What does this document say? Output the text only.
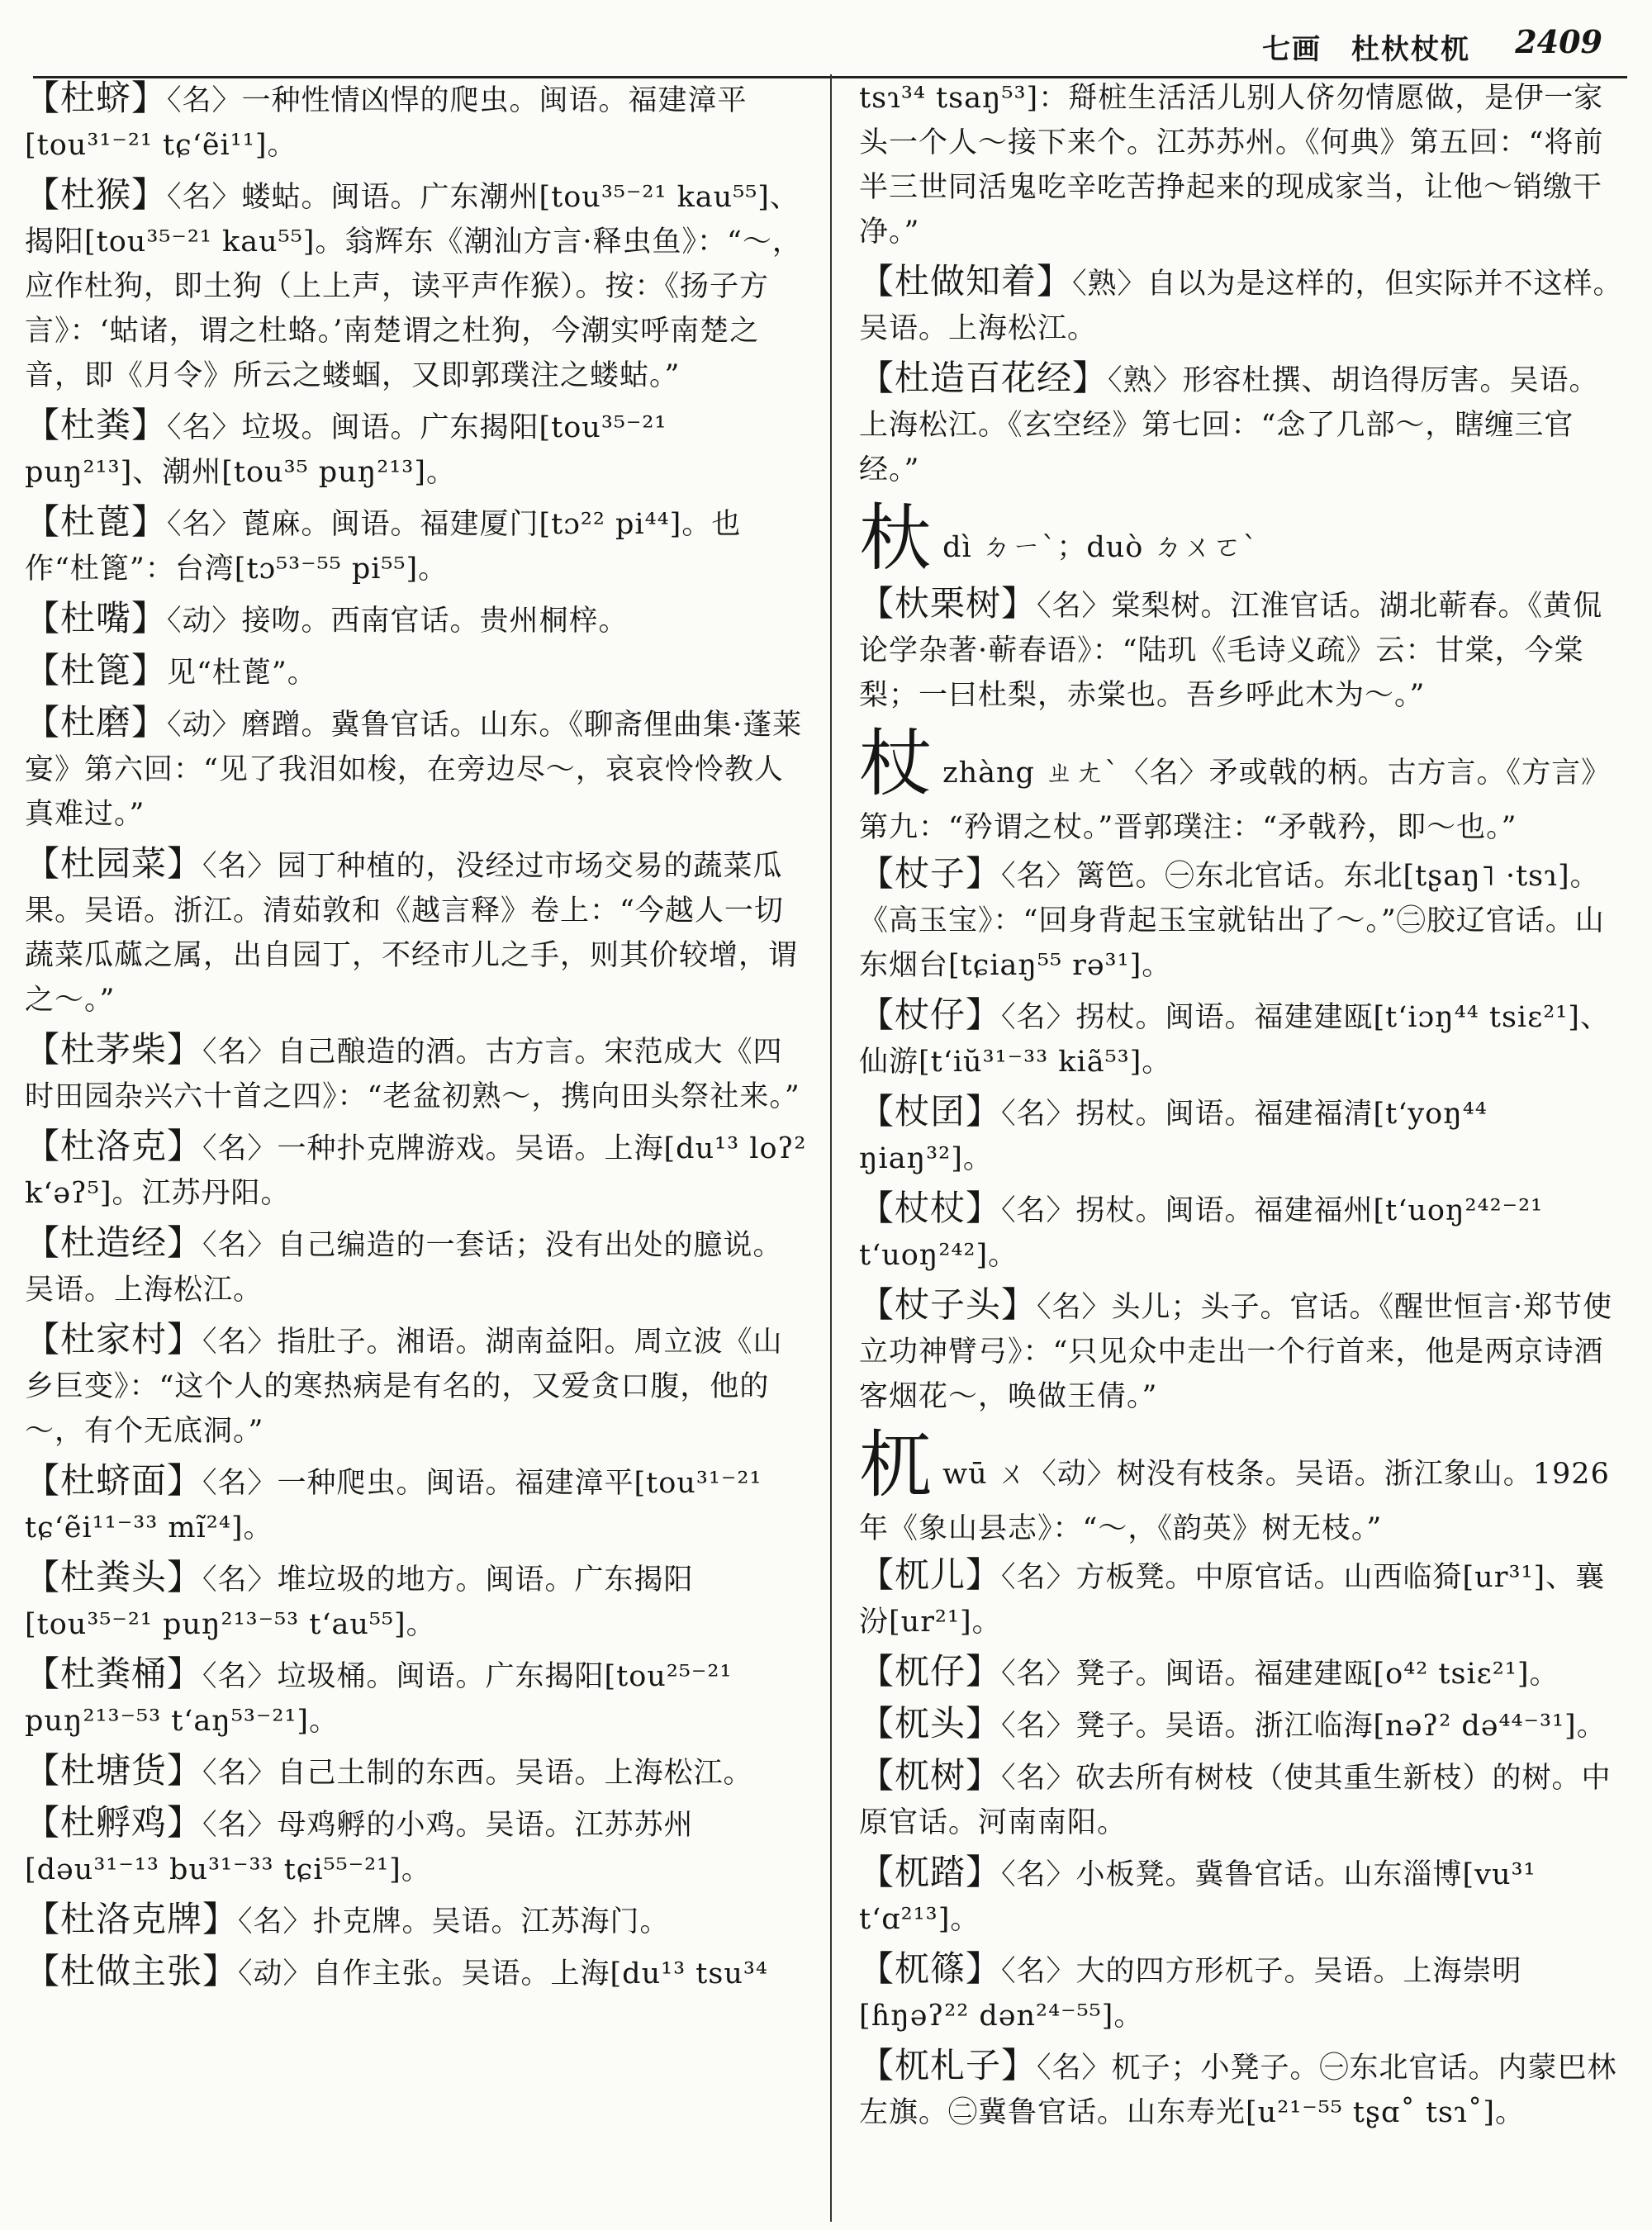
七画　杜杕杖杌 2409
【杜蛴】〈名〉一种性情凶悍的爬虫。闽语。福建漳平[tou³¹⁻²¹ tɕʻẽi¹¹]。
【杜猴】〈名〉蝼蛄。闽语。广东潮州[tou³⁵⁻²¹ kau⁵⁵]、揭阳[tou³⁵⁻²¹ kau⁵⁵]。翁辉东《潮汕方言·释虫鱼》：“～，应作杜狗，即土狗（上上声，读平声作猴）。按：《扬子方言》：‘蛄诸，谓之杜蛒。’南楚谓之杜狗，今潮实呼南楚之音，即《月令》所云之蝼蝈，又即郭璞注之蝼蛄。”
【杜粪】〈名〉垃圾。闽语。广东揭阳[tou³⁵⁻²¹ puŋ²¹³]、潮州[tou³⁵ puŋ²¹³]。
【杜蓖】〈名〉蓖麻。闽语。福建厦门[tɔ²² pi⁴⁴]。也作“杜篦”：台湾[tɔ⁵³⁻⁵⁵ pi⁵⁵]。
【杜嘴】〈动〉接吻。西南官话。贵州桐梓。
【杜篦】见“杜蓖”。
【杜磨】〈动〉磨蹭。冀鲁官话。山东。《聊斋俚曲集·蓬莱宴》第六回：“见了我泪如梭，在旁边尽～，哀哀怜怜教人真难过。”
【杜园菜】〈名〉园丁种植的，没经过市场交易的蔬菜瓜果。吴语。浙江。清茹敦和《越言释》卷上：“今越人一切蔬菜瓜蓏之属，出自园丁，不经市儿之手，则其价较增，谓之～。”
【杜茅柴】〈名〉自己酿造的酒。古方言。宋范成大《四时田园杂兴六十首之四》：“老盆初熟～，携向田头祭社来。”
【杜洛克】〈名〉一种扑克牌游戏。吴语。上海[du¹³ loʔ² kʻəʔ⁵]。江苏丹阳。
【杜造经】〈名〉自己编造的一套话；没有出处的臆说。吴语。上海松江。
【杜家村】〈名〉指肚子。湘语。湖南益阳。周立波《山乡巨变》：“这个人的寒热病是有名的，又爱贪口腹，他的～，有个无底洞。”
【杜蛴面】〈名〉一种爬虫。闽语。福建漳平[tou³¹⁻²¹ tɕʻẽi¹¹⁻³³ mĩ²⁴]。
【杜粪头】〈名〉堆垃圾的地方。闽语。广东揭阳[tou³⁵⁻²¹ puŋ²¹³⁻⁵³ tʻau⁵⁵]。
【杜粪桶】〈名〉垃圾桶。闽语。广东揭阳[tou²⁵⁻²¹ puŋ²¹³⁻⁵³ tʻaŋ⁵³⁻²¹]。
【杜塘货】〈名〉自己土制的东西。吴语。上海松江。
【杜孵鸡】〈名〉母鸡孵的小鸡。吴语。江苏苏州[dəu³¹⁻¹³ bu³¹⁻³³ tɕi⁵⁵⁻²¹]。
【杜洛克牌】〈名〉扑克牌。吴语。江苏海门。
【杜做主张】〈动〉自作主张。吴语。上海[du¹³ tsu³⁴
tsɿ³⁴ tsaŋ⁵³]：搿桩生活活儿别人侪勿情愿做，是伊一家头一个人～接下来个。江苏苏州。《何典》第五回：“将前半三世同活鬼吃辛吃苦挣起来的现成家当，让他～销缴干净。”
【杜做知着】〈熟〉自以为是这样的，但实际并不这样。吴语。上海松江。
【杜造百花经】〈熟〉形容杜撰、胡诌得厉害。吴语。上海松江。《玄空经》第七回：“念了几部～，瞎缠三官经。”
杕 dì ㄉㄧˋ；duò ㄉㄨㄛˋ
【杕栗树】〈名〉棠梨树。江淮官话。湖北蕲春。《黄侃论学杂著·蕲春语》：“陆玑《毛诗义疏》云：甘棠，今棠梨；一曰杜梨，赤棠也。吾乡呼此木为～。”
杖 zhàng ㄓㄤˋ〈名〉矛或戟的柄。古方言。《方言》第九：“矜谓之杖。”晋郭璞注：“矛戟矜，即～也。”
【杖子】〈名〉篱笆。㊀东北官话。东北[tʂaŋ˥ ·tsɿ]。《高玉宝》：“回身背起玉宝就钻出了～。”㊁胶辽官话。山东烟台[tɕiaŋ⁵⁵ rə³¹]。
【杖仔】〈名〉拐杖。闽语。福建建瓯[tʻiɔŋ⁴⁴ tsiɛ²¹]、仙游[tʻiŭ³¹⁻³³ kiã⁵³]。
【杖囝】〈名〉拐杖。闽语。福建福清[tʻyoŋ⁴⁴ ŋiaŋ³²]。
【杖杖】〈名〉拐杖。闽语。福建福州[tʻuoŋ²⁴²⁻²¹ tʻuoŋ²⁴²]。
【杖子头】〈名〉头儿；头子。官话。《醒世恒言·郑节使立功神臂弓》：“只见众中走出一个行首来，他是两京诗酒客烟花～，唤做王倩。”
杌 wū ㄨ〈动〉树没有枝条。吴语。浙江象山。1926年《象山县志》：“～，《韵英》树无枝。”
【杌儿】〈名〉方板凳。中原官话。山西临猗[ur³¹]、襄汾[ur²¹]。
【杌仔】〈名〉凳子。闽语。福建建瓯[o⁴² tsiɛ²¹]。
【杌头】〈名〉凳子。吴语。浙江临海[nəʔ² də⁴⁴⁻³¹]。
【杌树】〈名〉砍去所有树枝（使其重生新枝）的树。中原官话。河南南阳。
【杌踏】〈名〉小板凳。冀鲁官话。山东淄博[vu³¹ tʻɑ²¹³]。
【杌篠】〈名〉大的四方形杌子。吴语。上海崇明[ɦŋəʔ²² dən²⁴⁻⁵⁵]。
【杌札子】〈名〉杌子；小凳子。㊀东北官话。内蒙巴林左旗。㊁冀鲁官话。山东寿光[u²¹⁻⁵⁵ tʂɑ˚ tsɿ˚]。
